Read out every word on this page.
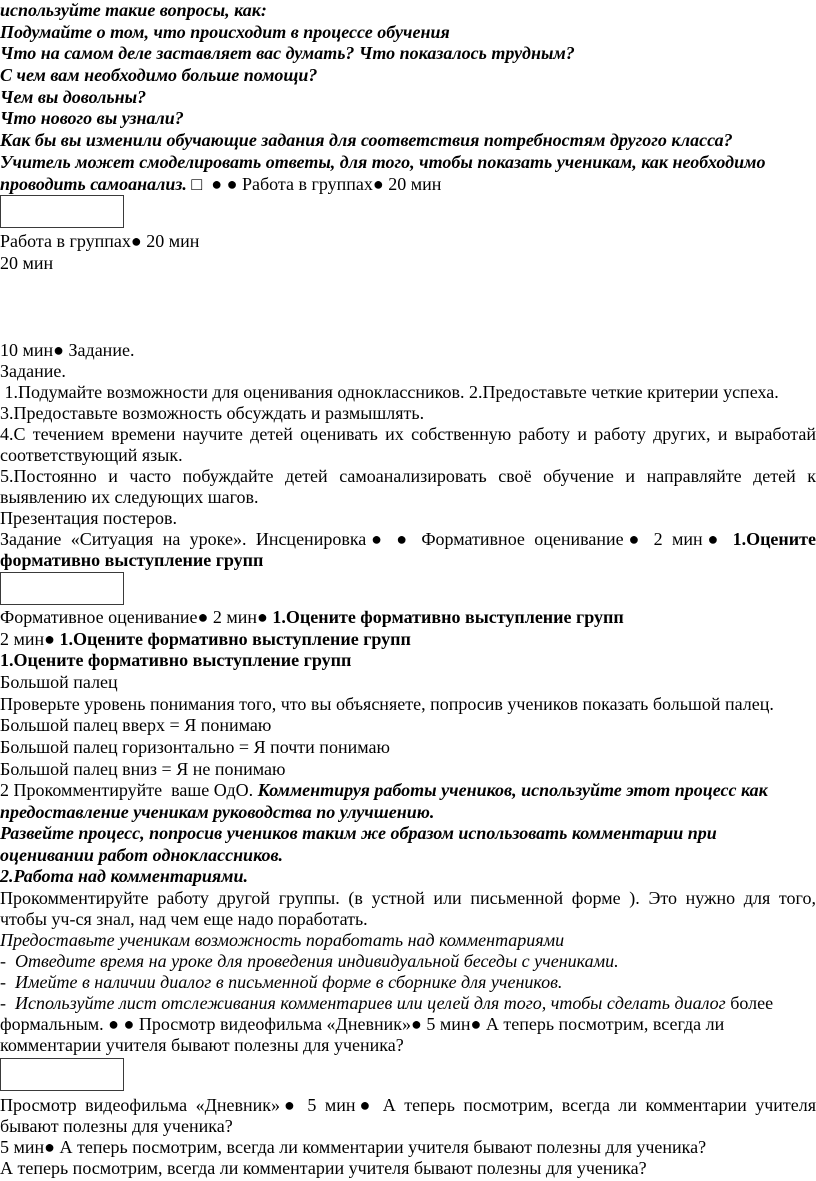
используйте такие вопросы, как:
Подумайте о том, что происходит в процессе обучения
Что на самом деле заставляет вас думать? Что показалось трудным?
С чем вам необходимо больше помощи?
Чем вы довольны?
Что нового вы узнали?
Как бы вы изменили обучающие задания для соответствия потребностям другого класса?
Учитель может смоделировать ответы, для того, чтобы показать ученикам, как необходимо
проводить самоанализ. □  ● ● Работа в группах● 20 мин
Работа в группах● 20 мин
20 мин
10 мин● Задание.
Задание.
1.Подумайте возможности для оценивания одноклассников. 2.Предоставьте четкие критерии успеха.
3.Предоставьте возможность обсуждать и размышлять.
4.С течением времени научите детей оценивать их собственную работу и работу других, и выработай
соответствующий язык.
5.Постоянно и часто побуждайте детей самоанализировать своё обучение и направляйте детей к
выявлению их следующих шагов.
Презентация постеров.
Задание «Ситуация на уроке». Инсценировка● ● Формативное оценивание● 2 мин● 1.Оцените
формативно выступление групп
Формативное оценивание● 2 мин● 1.Оцените формативно выступление групп
2 мин● 1.Оцените формативно выступление групп
1.Оцените формативно выступление групп
Большой палец
Проверьте уровень понимания того, что вы объясняете, попросив учеников показать большой палец.
Большой палец вверх = Я понимаю
Большой палец горизонтально = Я почти понимаю
Большой палец вниз = Я не понимаю
2 Прокомментируйте  ваше ОдО. Комментируя работы учеников, используйте этот процесс как
предоставление ученикам руководства по улучшению.
Развейте процесс, попросив учеников таким же образом использовать комментарии при
оценивании работ одноклассников.
2.Работа над комментариями.
Прокомментируйте работу другой группы. (в устной или письменной форме ). Это нужно для того,
чтобы уч-ся знал, над чем еще надо поработать.
Предоставьте ученикам возможность поработать над комментариями
-  Отведите время на уроке для проведения индивидуальной беседы с учениками.
-  Имейте в наличии диалог в письменной форме в сборнике для учеников.
-  Используйте лист отслеживания комментариев или целей для того, чтобы сделать диалог более
формальным. ● ● Просмотр видеофильма «Дневник»● 5 мин● А теперь посмотрим, всегда ли
комментарии учителя бывают полезны для ученика?
Просмотр видеофильма «Дневник»● 5 мин● А теперь посмотрим, всегда ли комментарии учителя
бывают полезны для ученика?
5 мин● А теперь посмотрим, всегда ли комментарии учителя бывают полезны для ученика?
А теперь посмотрим, всегда ли комментарии учителя бывают полезны для ученика?
